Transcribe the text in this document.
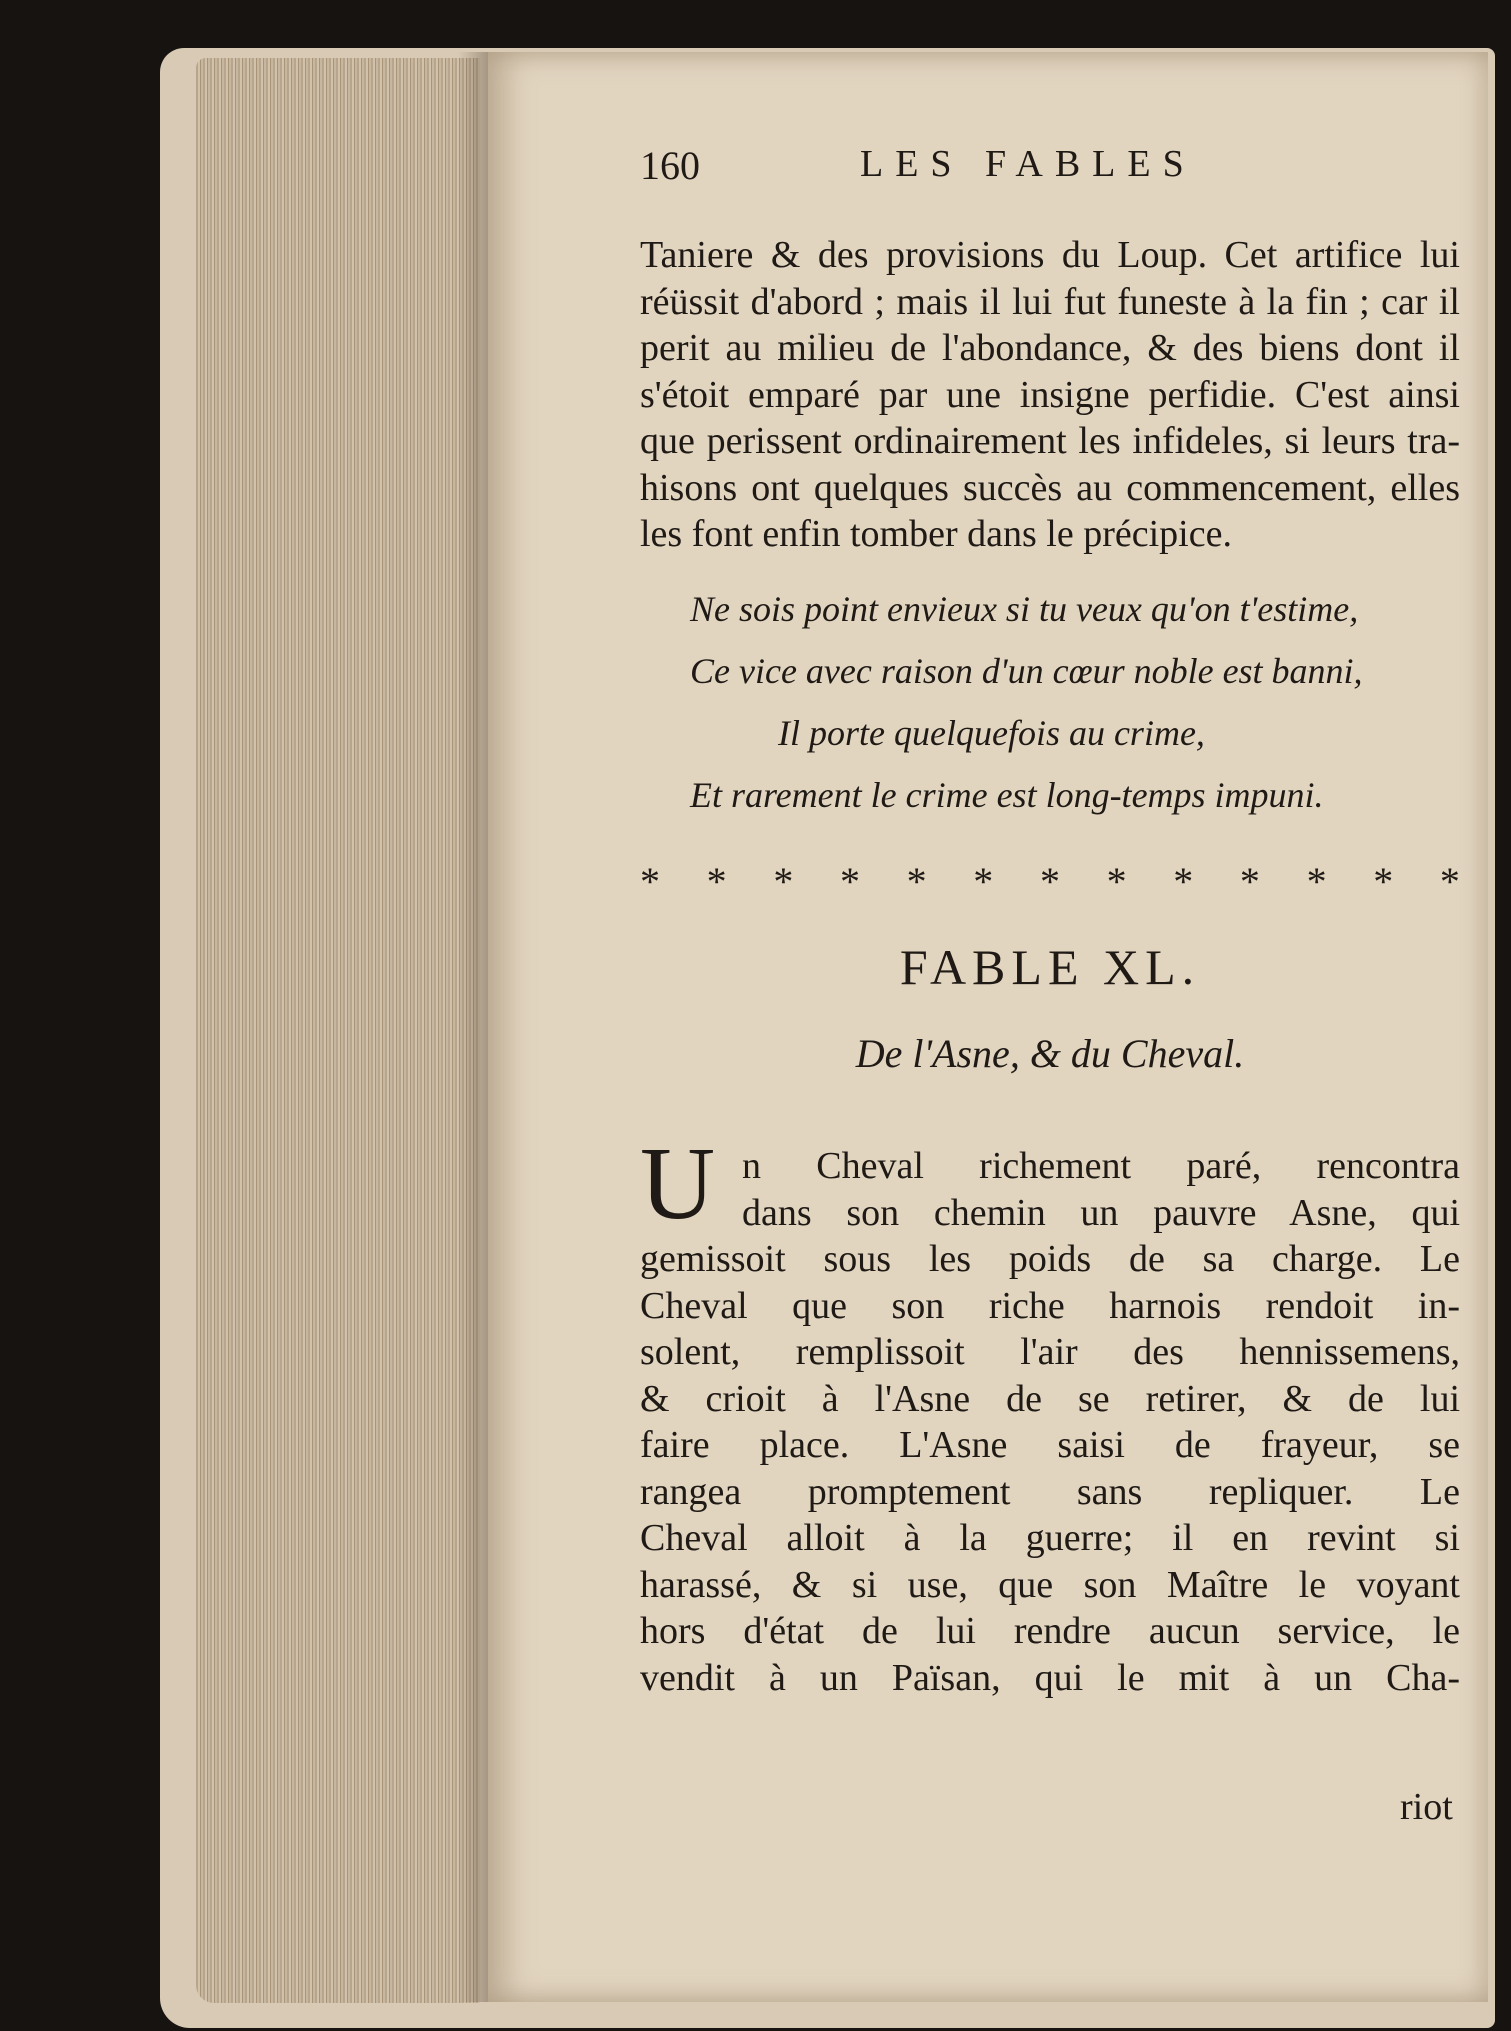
160	LES FABLES

Taniere & des provisions du Loup. Cet artifice lui
réüssit d'abord ; mais il lui fut funeste à la fin ; car il
perit au milieu de l'abondance, & des biens dont il
s'étoit emparé par une insigne perfidie. C'est ainsi
que perissent ordinairement les infideles, si leurs tra-
hisons ont quelques succès au commencement, elles
les font enfin tomber dans le précipice.

Ne sois point envieux si tu veux qu'on t'estime,
Ce vice avec raison d'un cœur noble est banni,
Il porte quelquefois au crime,
Et rarement le crime est long-temps impuni.

* * * * * * * * * * * * *
FABLE XL.
De l'Asne, & du Cheval.
U n Cheval richement paré, rencontra
dans son chemin un pauvre Asne, qui
gemissoit sous les poids de sa charge. Le
Cheval que son riche harnois rendoit in-
solent, remplissoit l'air des hennissemens,
& crioit à l'Asne de se retirer, & de lui
faire place. L'Asne saisi de frayeur, se
rangea promptement sans repliquer. Le
Cheval alloit à la guerre; il en revint si
harassé, & si use, que son Maître le voyant
hors d'état de lui rendre aucun service, le
vendit à un Païsan, qui le mit à un Cha-

riot
